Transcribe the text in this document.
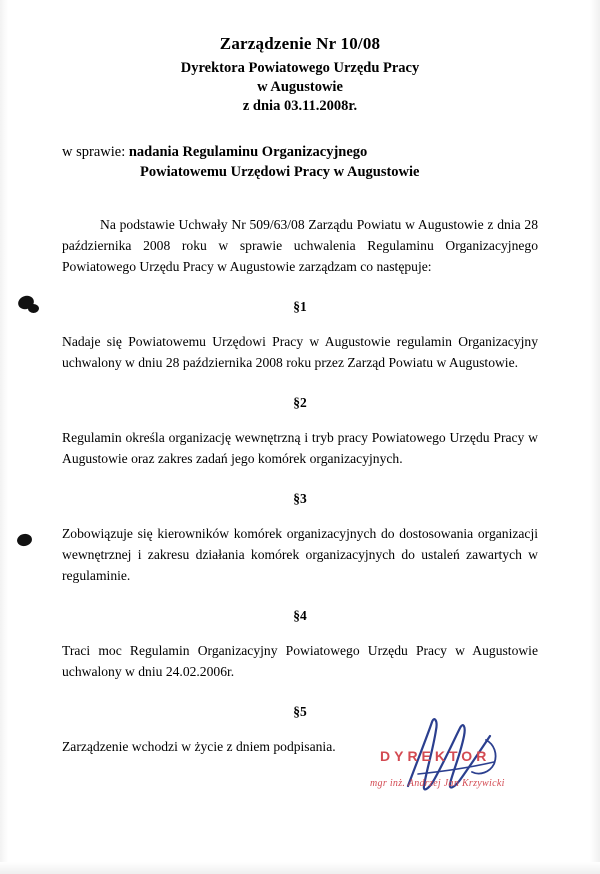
Zarządzenie Nr 10/08
Dyrektora Powiatowego Urzędu Pracy
w Augustowie
z dnia 03.11.2008r.
w sprawie: nadania Regulaminu Organizacyjnego
Powiatowemu Urzędowi Pracy w Augustowie
Na podstawie Uchwały Nr 509/63/08 Zarządu Powiatu w Augustowie z dnia 28 października 2008 roku w sprawie uchwalenia Regulaminu Organizacyjnego Powiatowego Urzędu Pracy w Augustowie zarządzam co następuje:
§1
Nadaje się Powiatowemu Urzędowi Pracy w Augustowie regulamin Organizacyjny uchwalony w dniu 28 października 2008 roku przez Zarząd Powiatu w Augustowie.
§2
Regulamin określa organizację wewnętrzną i tryb pracy Powiatowego Urzędu Pracy w Augustowie oraz zakres zadań jego komórek organizacyjnych.
§3
Zobowiązuje się kierowników komórek organizacyjnych do dostosowania organizacji wewnętrznej i zakresu działania komórek organizacyjnych do ustaleń zawartych w regulaminie.
§4
Traci moc Regulamin Organizacyjny Powiatowego Urzędu Pracy w Augustowie uchwalony w dniu 24.02.2006r.
§5
Zarządzenie wchodzi w życie z dniem podpisania.
DYREKTOR
mgr inż. Andrzej Jan Krzywicki
